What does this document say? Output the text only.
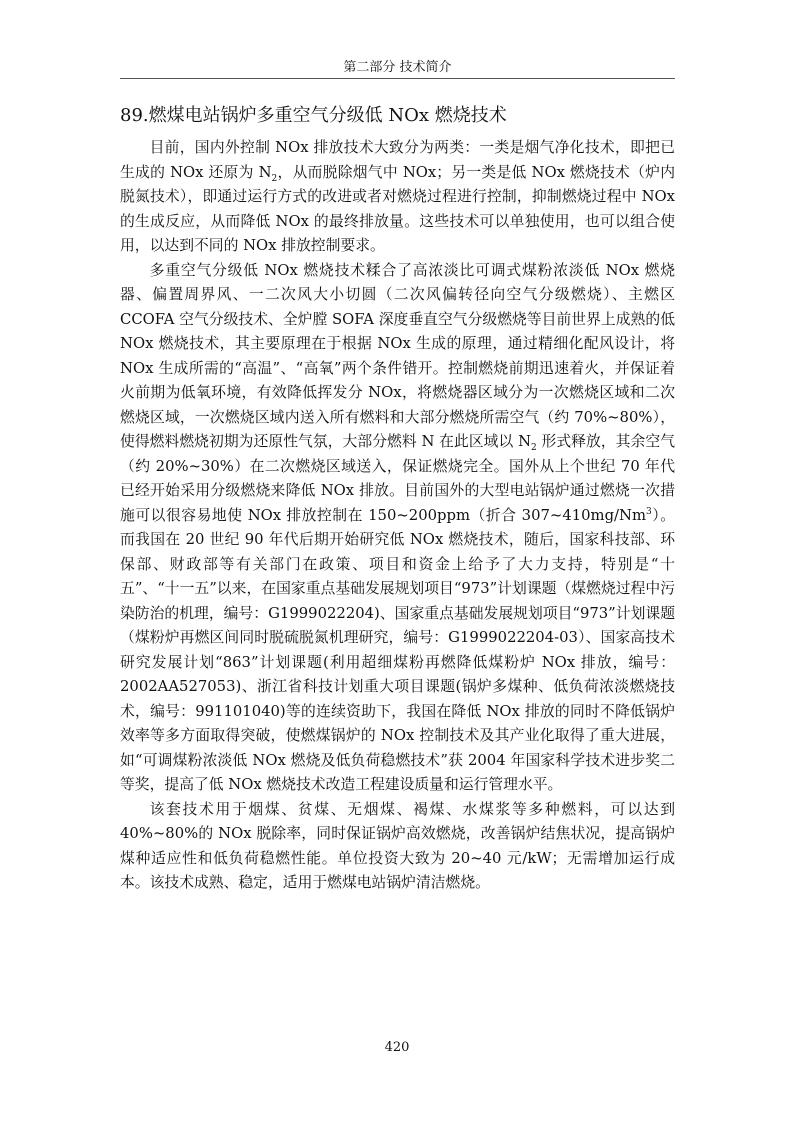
第二部分 技术简介
89.燃煤电站锅炉多重空气分级低 NOx 燃烧技术

目前，国内外控制 NOx 排放技术大致分为两类：一类是烟气净化技术，即把已生成的 NOx 还原为 $N_2$，从而脱除烟气中 NOx；另一类是低 NOx 燃烧技术（炉内脱氮技术），即通过运行方式的改进或者对燃烧过程进行控制，抑制燃烧过程中 NOx 的生成反应，从而降低 NOx 的最终排放量。这些技术可以单独使用，也可以组合使用，以达到不同的 NOx 排放控制要求。

多重空气分级低 NOx 燃烧技术糅合了高浓淡比可调式煤粉浓淡低 NOx 燃烧器、偏置周界风、一二次风大小切圆（二次风偏转径向空气分级燃烧）、主燃区 CCOFA 空气分级技术、全炉膛 SOFA 深度垂直空气分级燃烧等目前世界上成熟的低 NOx 燃烧技术，其主要原理在于根据 NOx 生成的原理，通过精细化配风设计，将 NOx 生成所需的“高温”、“高氧”两个条件错开。控制燃烧前期迅速着火，并保证着火前期为低氧环境，有效降低挥发分 NOx，将燃烧器区域分为一次燃烧区域和二次燃烧区域，一次燃烧区域内送入所有燃料和大部分燃烧所需空气（约 70%~80%），使得燃料燃烧初期为还原性气氛，大部分燃料 N 在此区域以 $N_2$ 形式释放，其余空气（约 20%~30%）在二次燃烧区域送入，保证燃烧完全。国外从上个世纪 70 年代已经开始采用分级燃烧来降低 NOx 排放。目前国外的大型电站锅炉通过燃烧一次措施可以很容易地使 NOx 排放控制在 150~200ppm（折合 307~410mg/Nm$^3$）。而我国在 20 世纪 90 年代后期开始研究低 NOx 燃烧技术，随后，国家科技部、环保部、财政部等有关部门在政策、项目和资金上给予了大力支持，特别是“十五”、“十一五”以来，在国家重点基础发展规划项目“973”计划课题（煤燃烧过程中污染防治的机理，编号：G1999022204)、国家重点基础发展规划项目“973”计划课题（煤粉炉再燃区间同时脱硫脱氮机理研究，编号：G1999022204-03）、国家高技术研究发展计划“863”计划课题(利用超细煤粉再燃降低煤粉炉 NOx 排放，编号：2002AA527053)、浙江省科技计划重大项目课题(锅炉多煤种、低负荷浓淡燃烧技术，编号：991101040)等的连续资助下，我国在降低 NOx 排放的同时不降低锅炉效率等多方面取得突破，使燃煤锅炉的 NOx 控制技术及其产业化取得了重大进展，如“可调煤粉浓淡低 NOx 燃烧及低负荷稳燃技术”获 2004 年国家科学技术进步奖二等奖，提高了低 NOx 燃烧技术改造工程建设质量和运行管理水平。

该套技术用于烟煤、贫煤、无烟煤、褐煤、水煤浆等多种燃料，可以达到 40%~80%的 NOx 脱除率，同时保证锅炉高效燃烧，改善锅炉结焦状况，提高锅炉煤种适应性和低负荷稳燃性能。单位投资大致为 20~40 元/kW；无需增加运行成本。该技术成熟、稳定，适用于燃煤电站锅炉清洁燃烧。

420
